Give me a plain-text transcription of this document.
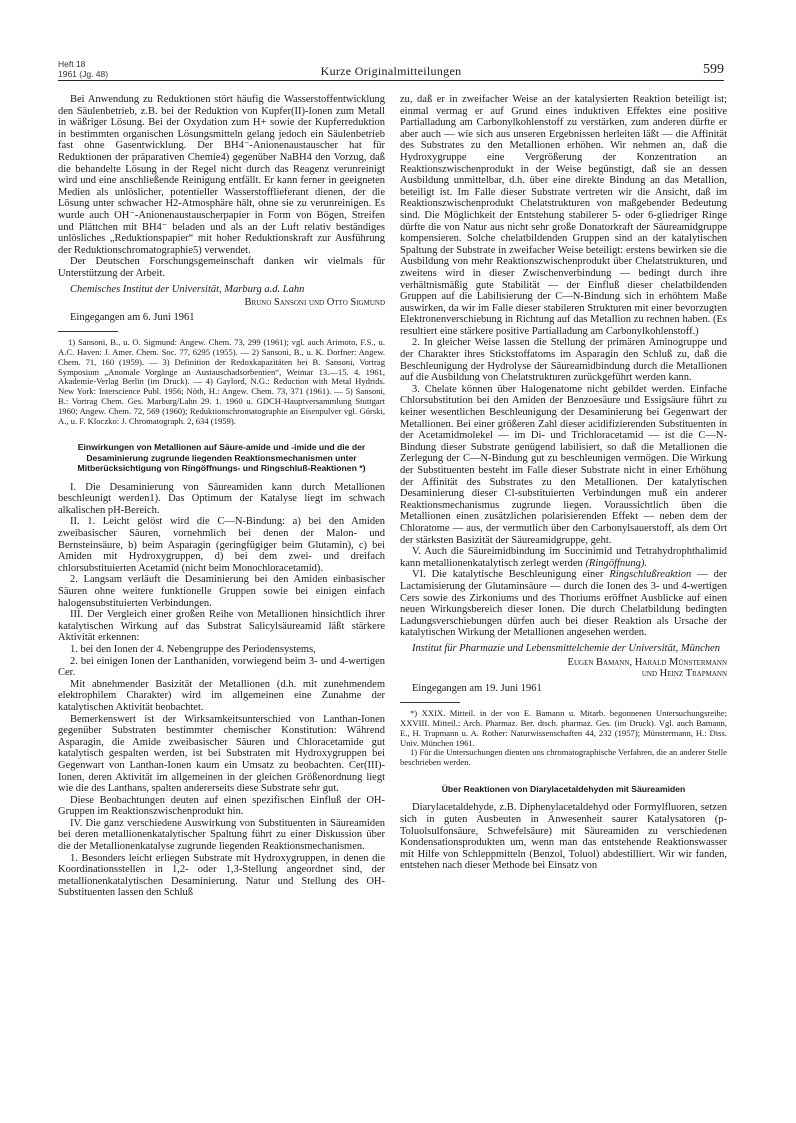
Heft 18
1961 (Jg. 48)	Kurze Originalmitteilungen	599

Bei Anwendung zu Reduktionen stört häufig die Wasserstoffentwicklung den Säulenbetrieb, z.B. bei der Reduktion von Kupfer(II)-Ionen zum Metall in wäßriger Lösung. Bei der Oxydation zum H+ sowie der Kupferreduktion in bestimmten organischen Lösungsmitteln gelang jedoch ein Säulenbetrieb fast ohne Gasentwicklung. Der BH4⁻-Anionenaustauscher hat für Reduktionen der präparativen Chemie4) gegenüber NaBH4 den Vorzug, daß die behandelte Lösung in der Regel nicht durch das Reagenz verunreinigt wird und eine anschließende Reinigung entfällt. Er kann ferner in geeigneten Medien als unlöslicher, potentieller Wasserstofflieferant dienen, der die Lösung unter schwacher H2-Atmosphäre hält, ohne sie zu verunreinigen. Es wurde auch OH⁻-Anionenaustauscherpapier in Form von Bögen, Streifen und Plättchen mit BH4⁻ beladen und als an der Luft relativ beständiges unlösliches „Reduktionspapier“ mit hoher Reduktionskraft zur Ausführung der Reduktionschromatographie5) verwendet.

Der Deutschen Forschungsgemeinschaft danken wir vielmals für Unterstützung der Arbeit.

Chemisches Institut der Universität, Marburg a.d. Lahn

Bruno Sansoni und Otto Sigmund

Eingegangen am 6. Juni 1961

1) Sansoni, B., u. O. Sigmund: Angew. Chem. 73, 299 (1961); vgl. auch Arimoto, F.S., u. A.C. Haven: J. Amer. Chem. Soc. 77, 6295 (1955). — 2) Sansoni, B., u. K. Dorfner: Angew. Chem. 71, 160 (1959). — 3) Definition der Redoxkapazitäten bei B. Sansoni, Vortrag Symposium „Anomale Vorgänge an Austauschadsorbentien“, Weimar 13.—15. 4. 1961, Akademie-Verlag Berlin (im Druck). — 4) Gaylord, N.G.: Reduction with Metal Hydrids. New York: Interscience Publ. 1956; Nöth, H.: Angew. Chem. 73, 371 (1961). — 5) Sansoni, B.: Vortrag Chem. Ges. Marburg/Lahn 29. 1. 1960 u. GDCH-Hauptversammlung Stuttgart 1960; Angew. Chem. 72, 569 (1960); Reduktionschromatographie an Eisenpulver vgl. Górski, A., u. F. Kloczko: J. Chromatograph. 2, 634 (1959).

Einwirkungen von Metallionen auf Säure-amide und -imide und die der Desaminierung zugrunde liegenden Reaktionsmechanismen unter Mitberücksichtigung von Ringöffnungs- und Ringschluß-Reaktionen *)

I. Die Desaminierung von Säureamiden kann durch Metallionen beschleunigt werden1). Das Optimum der Katalyse liegt im schwach alkalischen pH-Bereich.

II. 1. Leicht gelöst wird die C—N-Bindung: a) bei den Amiden zweibasischer Säuren, vornehmlich bei denen der Malon- und Bernsteinsäure, b) beim Asparagin (geringfügiger beim Glutamin), c) bei Amiden mit Hydroxygruppen, d) bei dem zwei- und dreifach chlorsubstituierten Acetamid (nicht beim Monochloracetamid).

2. Langsam verläuft die Desaminierung bei den Amiden einbasischer Säuren ohne weitere funktionelle Gruppen sowie bei einigen einfach halogensubstituierten Verbindungen.

III. Der Vergleich einer großen Reihe von Metallionen hinsichtlich ihrer katalytischen Wirkung auf das Substrat Salicylsäureamid läßt stärkere Aktivität erkennen:

1. bei den Ionen der 4. Nebengruppe des Periodensystems,

2. bei einigen Ionen der Lanthaniden, vorwiegend beim 3- und 4-wertigen Cer.

Mit abnehmender Basizität der Metallionen (d.h. mit zunehmendem elektrophilem Charakter) wird im allgemeinen eine Zunahme der katalytischen Aktivität beobachtet.

Bemerkenswert ist der Wirksamkeitsunterschied von Lanthan-Ionen gegenüber Substraten bestimmter chemischer Konstitution: Während Asparagin, die Amide zweibasischer Säuren und Chloracetamide gut katalytisch gespalten werden, ist bei Substraten mit Hydroxygruppen bei Gegenwart von Lanthan-Ionen kaum ein Umsatz zu beobachten. Cer(III)-Ionen, deren Aktivität im allgemeinen in der gleichen Größenordnung liegt wie die des Lanthans, spalten andererseits diese Substrate sehr gut.

Diese Beobachtungen deuten auf einen spezifischen Einfluß der OH-Gruppen im Reaktionszwischenprodukt hin.

IV. Die ganz verschiedene Auswirkung von Substituenten in Säureamiden bei deren metallionenkatalytischer Spaltung führt zu einer Diskussion über die der Metallionenkatalyse zugrunde liegenden Reaktionsmechanismen.

1. Besonders leicht erliegen Substrate mit Hydroxygruppen, in denen die Koordinationsstellen in 1,2- oder 1,3-Stellung angeordnet sind, der metallionenkatalytischen Desaminierung. Natur und Stellung des OH-Substituenten lassen den Schluß

zu, daß er in zweifacher Weise an der katalysierten Reaktion beteiligt ist; einmal vermag er auf Grund eines induktiven Effektes eine positive Partialladung am Carbonylkohlenstoff zu verstärken, zum anderen dürfte er aber auch — wie sich aus unseren Ergebnissen herleiten läßt — die Affinität des Substrates zu den Metallionen erhöhen. Wir nehmen an, daß die Hydroxygruppe eine Vergrößerung der Konzentration an Reaktionszwischenprodukt in der Weise begünstigt, daß sie an dessen Ausbildung unmittelbar, d.h. über eine direkte Bindung an das Metallion, beteiligt ist. Im Falle dieser Substrate vertreten wir die Ansicht, daß im Reaktionszwischenprodukt Chelatstrukturen von maßgebender Bedeutung sind. Die Möglichkeit der Entstehung stabilerer 5- oder 6-gliedriger Ringe dürfte die von Natur aus nicht sehr große Donatorkraft der Säureamidgruppe kompensieren. Solche chelatbildenden Gruppen sind an der katalytischen Spaltung der Substrate in zweifacher Weise beteiligt: erstens bewirken sie die Ausbildung von mehr Reaktionszwischenprodukt über Chelatstrukturen, und zweitens wird in dieser Zwischenverbindung — bedingt durch ihre verhältnismäßig gute Stabilität — der Einfluß dieser chelatbildenden Gruppen auf die Labilisierung der C—N-Bindung sich in erhöhtem Maße auswirken, da wir im Falle dieser stabileren Strukturen mit einer bevorzugten Elektronenverschiebung in Richtung auf das Metallion zu rechnen haben. (Es resultiert eine stärkere positive Partialladung am Carbonylkohlenstoff.)

2. In gleicher Weise lassen die Stellung der primären Aminogruppe und der Charakter ihres Stickstoffatoms im Asparagin den Schluß zu, daß die Beschleunigung der Hydrolyse der Säureamidbindung durch die Metallionen auf die Ausbildung von Chelatstrukturen zurückgeführt werden kann.

3. Chelate können über Halogenatome nicht gebildet werden. Einfache Chlorsubstitution bei den Amiden der Benzoesäure und Essigsäure führt zu keiner wesentlichen Beschleunigung der Desaminierung bei Gegenwart der Metallionen. Bei einer größeren Zahl dieser acidifizierenden Substituenten in der Acetamidmolekel — im Di- und Trichloracetamid — ist die C—N-Bindung dieser Substrate genügend labilisiert, so daß die Metallionen die Zerlegung der C—N-Bindung gut zu beschleunigen vermögen. Die Wirkung der Substituenten besteht im Falle dieser Substrate nicht in einer Erhöhung der Affinität des Substrates zu den Metallionen. Der katalytischen Desaminierung dieser Cl-substituierten Verbindungen muß ein anderer Reaktionsmechanismus zugrunde liegen. Voraussichtlich üben die Metallionen einen zusätzlichen polarisierenden Effekt — neben dem der Chloratome — aus, der vermutlich über den Carbonylsauerstoff, als dem Ort der stärksten Basizität der Säureamidgruppe, geht.

V. Auch die Säureimidbindung im Succinimid und Tetrahydrophthalimid kann metallionenkatalytisch zerlegt werden (Ringöffnung).

VI. Die katalytische Beschleunigung einer Ringschlußreaktion — der Lactamisierung der Glutaminsäure — durch die Ionen des 3- und 4-wertigen Cers sowie des Zirkoniums und des Thoriums eröffnet Ausblicke auf einen neuen Wirkungsbereich dieser Ionen. Die durch Chelatbildung bedingten Ladungsverschiebungen dürfen auch bei dieser Reaktion als Ursache der katalytischen Wirkung der Metallionen angesehen werden.

Institut für Pharmazie und Lebensmittelchemie der Universität, München

Eugen Bamann, Harald Münstermann

und Heinz Trapmann

Eingegangen am 19. Juni 1961

*) XXIX. Mitteil. in der von E. Bamann u. Mitarb. begonnenen Untersuchungsreihe; XXVIII. Mitteil.: Arch. Pharmaz. Ber. dtsch. pharmaz. Ges. (im Druck). Vgl. auch Bamann, E., H. Trapmann u. A. Rother: Naturwissenschaften 44, 232 (1957); Münstermann, H.: Diss. Univ. München 1961.

1) Für die Untersuchungen dienten uns chromatographische Verfahren, die an anderer Stelle beschrieben werden.

Über Reaktionen von Diarylacetaldehyden mit Säureamiden

Diarylacetaldehyde, z.B. Diphenylacetaldehyd oder Formylfluoren, setzen sich in guten Ausbeuten in Anwesenheit saurer Katalysatoren (p-Toluolsulfonsäure, Schwefelsäure) mit Säureamiden zu verschiedenen Kondensationsprodukten um, wenn man das entstehende Reaktionswasser mit Hilfe von Schleppmitteln (Benzol, Toluol) abdestilliert. Wir wir fanden, entstehen nach dieser Methode bei Einsatz von
